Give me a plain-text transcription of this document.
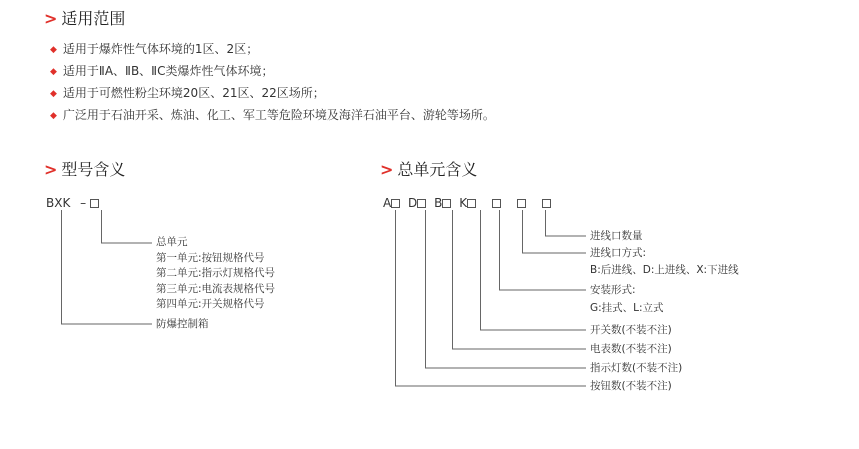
> 适用范围
◆ 适用于爆炸性气体环境的1区、2区；
◆ 适用于ⅡA、ⅡB、ⅡC类爆炸性气体环境；
◆ 适用于可燃性粉尘环境20区、21区、22区场所；
◆ 广泛用于石油开采、炼油、化工、军工等危险环境及海洋石油平台、游轮等场所。
> 型号含义
BXK –
总单元
第一单元:按钮规格代号
第二单元:指示灯规格代号
第三单元:电流表规格代号
第四单元:开关规格代号
防爆控制箱
> 总单元含义
A D B K
进线口数量
进线口方式:
B:后进线、D:上进线、X:下进线
安装形式:
G:挂式、L:立式
开关数(不装不注)
电表数(不装不注)
指示灯数(不装不注)
按钮数(不装不注)
